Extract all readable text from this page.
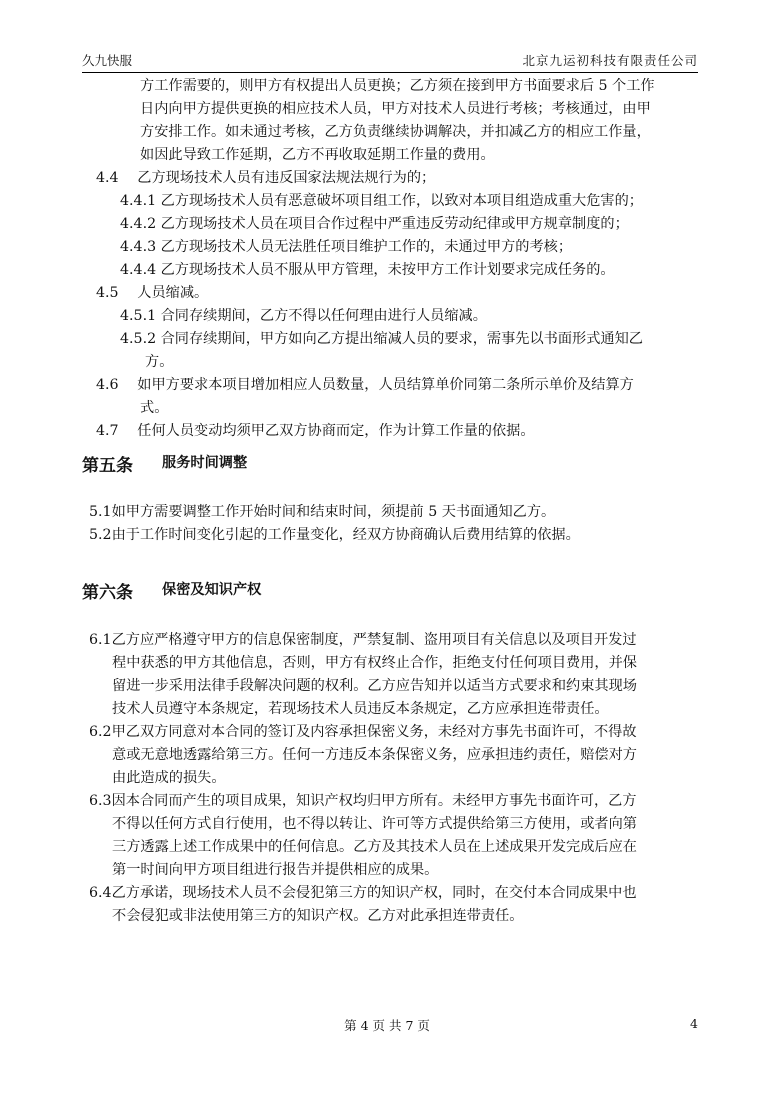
久九快服	北京九运初科技有限责任公司
方工作需要的，则甲方有权提出人员更换；乙方须在接到甲方书面要求后 5 个工作
日内向甲方提供更换的相应技术人员，甲方对技术人员进行考核；考核通过，由甲
方安排工作。如未通过考核，乙方负责继续协调解决，并扣减乙方的相应工作量，
如因此导致工作延期，乙方不再收取延期工作量的费用。
4.4　 乙方现场技术人员有违反国家法规法规行为的；
4.4.1 乙方现场技术人员有恶意破坏项目组工作，以致对本项目组造成重大危害的；
4.4.2 乙方现场技术人员在项目合作过程中严重违反劳动纪律或甲方规章制度的；
4.4.3 乙方现场技术人员无法胜任项目维护工作的，未通过甲方的考核；
4.4.4 乙方现场技术人员不服从甲方管理，未按甲方工作计划要求完成任务的。
4.5　 人员缩减。
4.5.1 合同存续期间，乙方不得以任何理由进行人员缩减。
4.5.2 合同存续期间，甲方如向乙方提出缩减人员的要求，需事先以书面形式通知乙
方。
4.6　 如甲方要求本项目增加相应人员数量，人员结算单价同第二条所示单价及结算方
式。
4.7　 任何人员变动均须甲乙双方协商而定，作为计算工作量的依据。
5.1如甲方需要调整工作开始时间和结束时间，须提前 5 天书面通知乙方。
5.2由于工作时间变化引起的工作量变化，经双方协商确认后费用结算的依据。
6.1乙方应严格遵守甲方的信息保密制度，严禁复制、盗用项目有关信息以及项目开发过
程中获悉的甲方其他信息，否则，甲方有权终止合作，拒绝支付任何项目费用，并保
留进一步采用法律手段解决问题的权利。乙方应告知并以适当方式要求和约束其现场
技术人员遵守本条规定，若现场技术人员违反本条规定，乙方应承担连带责任。
6.2甲乙双方同意对本合同的签订及内容承担保密义务，未经对方事先书面许可，不得故
意或无意地透露给第三方。任何一方违反本条保密义务，应承担违约责任，赔偿对方
由此造成的损失。
6.3因本合同而产生的项目成果，知识产权均归甲方所有。未经甲方事先书面许可，乙方
不得以任何方式自行使用，也不得以转让、许可等方式提供给第三方使用，或者向第
三方透露上述工作成果中的任何信息。乙方及其技术人员在上述成果开发完成后应在
第一时间向甲方项目组进行报告并提供相应的成果。
6.4乙方承诺，现场技术人员不会侵犯第三方的知识产权，同时，在交付本合同成果中也
不会侵犯或非法使用第三方的知识产权。乙方对此承担连带责任。
第五条 服务时间调整
第六条 保密及知识产权
第 4 页 共 7 页	4
